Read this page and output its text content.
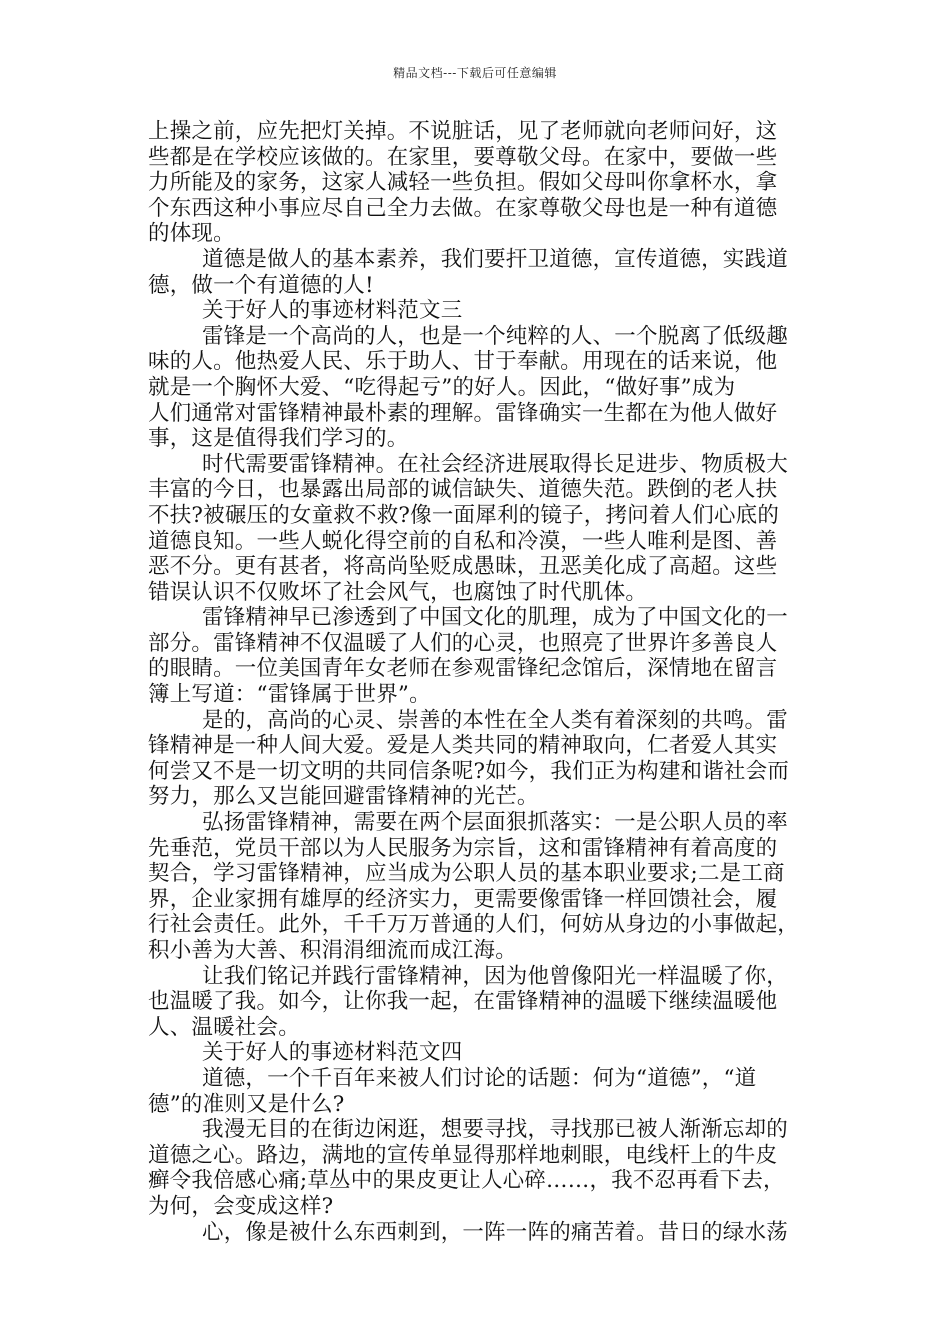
精品文档---下载后可任意编辑
上操之前，应先把灯关掉。不说脏话，见了老师就向老师问好，这
些都是在学校应该做的。在家里，要尊敬父母。在家中，要做一些
力所能及的家务，这家人减轻一些负担。假如父母叫你拿杯水，拿
个东西这种小事应尽自己全力去做。在家尊敬父母也是一种有道德
的体现。
道德是做人的基本素养，我们要扞卫道德，宣传道德，实践道
德，做一个有道德的人!
关于好人的事迹材料范文三
雷锋是一个高尚的人，也是一个纯粹的人、一个脱离了低级趣
味的人。他热爱人民、乐于助人、甘于奉献。用现在的话来说，他
就是一个胸怀大爱、“吃得起亏”的好人。因此，“做好事”成为
人们通常对雷锋精神最朴素的理解。雷锋确实一生都在为他人做好
事，这是值得我们学习的。
时代需要雷锋精神。在社会经济进展取得长足进步、物质极大
丰富的今日，也暴露出局部的诚信缺失、道德失范。跌倒的老人扶
不扶?被碾压的女童救不救?像一面犀利的镜子，拷问着人们心底的
道德良知。一些人蜕化得空前的自私和冷漠，一些人唯利是图、善
恶不分。更有甚者，将高尚坠贬成愚昧，丑恶美化成了高超。这些
错误认识不仅败坏了社会风气，也腐蚀了时代肌体。
雷锋精神早已渗透到了中国文化的肌理，成为了中国文化的一
部分。雷锋精神不仅温暖了人们的心灵，也照亮了世界许多善良人
的眼睛。一位美国青年女老师在参观雷锋纪念馆后，深情地在留言
簿上写道：“雷锋属于世界”。
是的，高尚的心灵、崇善的本性在全人类有着深刻的共鸣。雷
锋精神是一种人间大爱。爱是人类共同的精神取向，仁者爱人其实
何尝又不是一切文明的共同信条呢?如今，我们正为构建和谐社会而
努力，那么又岂能回避雷锋精神的光芒。
弘扬雷锋精神，需要在两个层面狠抓落实：一是公职人员的率
先垂范，党员干部以为人民服务为宗旨，这和雷锋精神有着高度的
契合，学习雷锋精神，应当成为公职人员的基本职业要求;二是工商
界，企业家拥有雄厚的经济实力，更需要像雷锋一样回馈社会，履
行社会责任。此外，千千万万普通的人们，何妨从身边的小事做起，
积小善为大善、积涓涓细流而成江海。
让我们铭记并践行雷锋精神，因为他曾像阳光一样温暖了你，
也温暖了我。如今，让你我一起，在雷锋精神的温暖下继续温暖他
人、温暖社会。
关于好人的事迹材料范文四
道德，一个千百年来被人们讨论的话题：何为“道德”，“道
德”的准则又是什么?
我漫无目的在街边闲逛，想要寻找，寻找那已被人渐渐忘却的
道德之心。路边，满地的宣传单显得那样地刺眼，电线杆上的牛皮
癣令我倍感心痛;草丛中的果皮更让人心碎……，我不忍再看下去，
为何，会变成这样?
心，像是被什么东西刺到，一阵一阵的痛苦着。昔日的绿水荡
